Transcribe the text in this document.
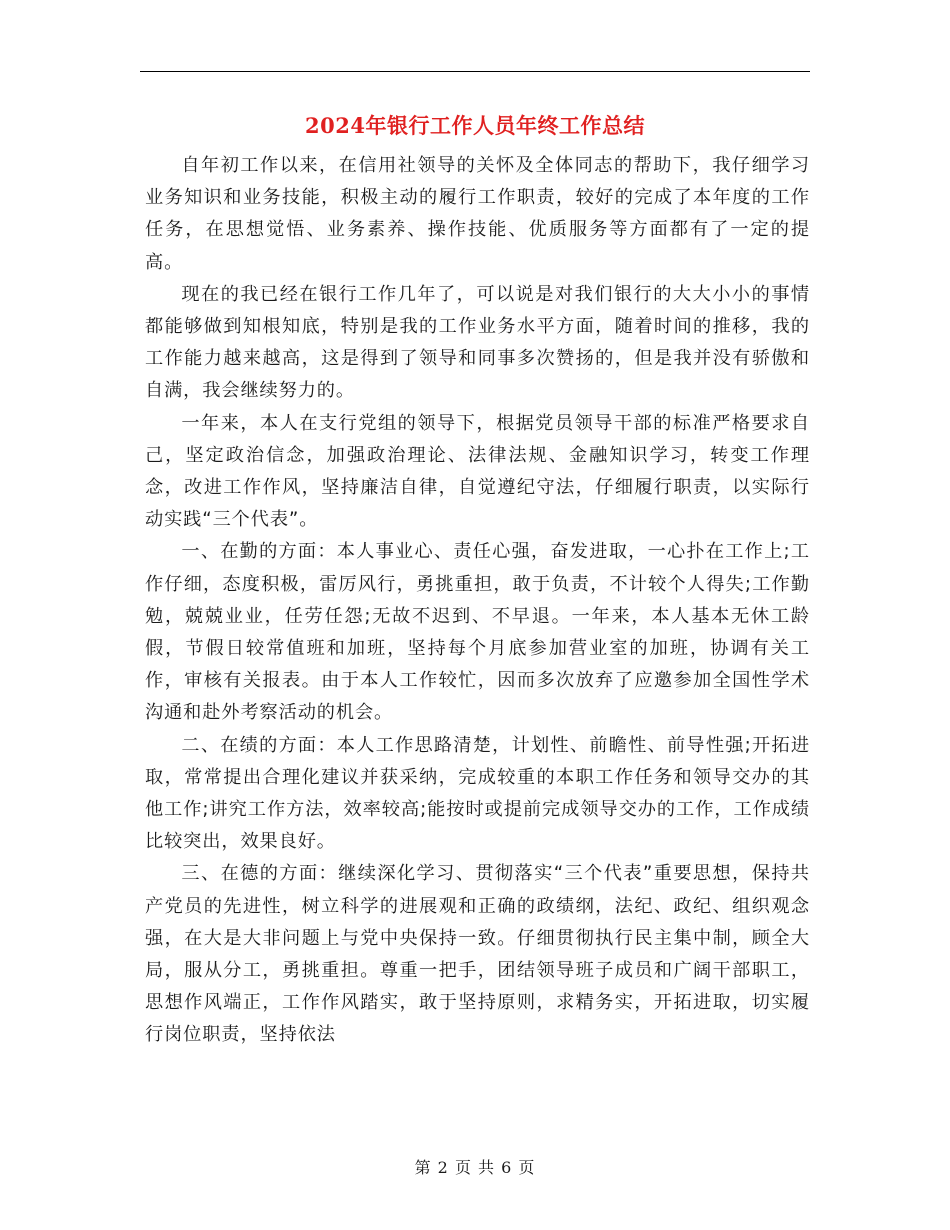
2024年银行工作人员年终工作总结

自年初工作以来，在信用社领导的关怀及全体同志的帮助下，我仔细学习业务知识和业务技能，积极主动的履行工作职责，较好的完成了本年度的工作任务，在思想觉悟、业务素养、操作技能、优质服务等方面都有了一定的提高。

现在的我已经在银行工作几年了，可以说是对我们银行的大大小小的事情都能够做到知根知底，特别是我的工作业务水平方面，随着时间的推移，我的工作能力越来越高，这是得到了领导和同事多次赞扬的，但是我并没有骄傲和自满，我会继续努力的。

一年来，本人在支行党组的领导下，根据党员领导干部的标准严格要求自己，坚定政治信念，加强政治理论、法律法规、金融知识学习，转变工作理念，改进工作作风，坚持廉洁自律，自觉遵纪守法，仔细履行职责，以实际行动实践“三个代表”。

一、在勤的方面：本人事业心、责任心强，奋发进取，一心扑在工作上;工作仔细，态度积极，雷厉风行，勇挑重担，敢于负责，不计较个人得失;工作勤勉，兢兢业业，任劳任怨;无故不迟到、不早退。一年来，本人基本无休工龄假，节假日较常值班和加班，坚持每个月底参加营业室的加班，协调有关工作，审核有关报表。由于本人工作较忙，因而多次放弃了应邀参加全国性学术沟通和赴外考察活动的机会。

二、在绩的方面：本人工作思路清楚，计划性、前瞻性、前导性强;开拓进取，常常提出合理化建议并获采纳，完成较重的本职工作任务和领导交办的其他工作;讲究工作方法，效率较高;能按时或提前完成领导交办的工作，工作成绩比较突出，效果良好。

三、在德的方面：继续深化学习、贯彻落实“三个代表”重要思想，保持共产党员的先进性，树立科学的进展观和正确的政绩纲，法纪、政纪、组织观念强，在大是大非问题上与党中央保持一致。仔细贯彻执行民主集中制，顾全大局，服从分工，勇挑重担。尊重一把手，团结领导班子成员和广阔干部职工，思想作风端正，工作作风踏实，敢于坚持原则，求精务实，开拓进取，切实履行岗位职责，坚持依法

第 2 页 共 6 页
